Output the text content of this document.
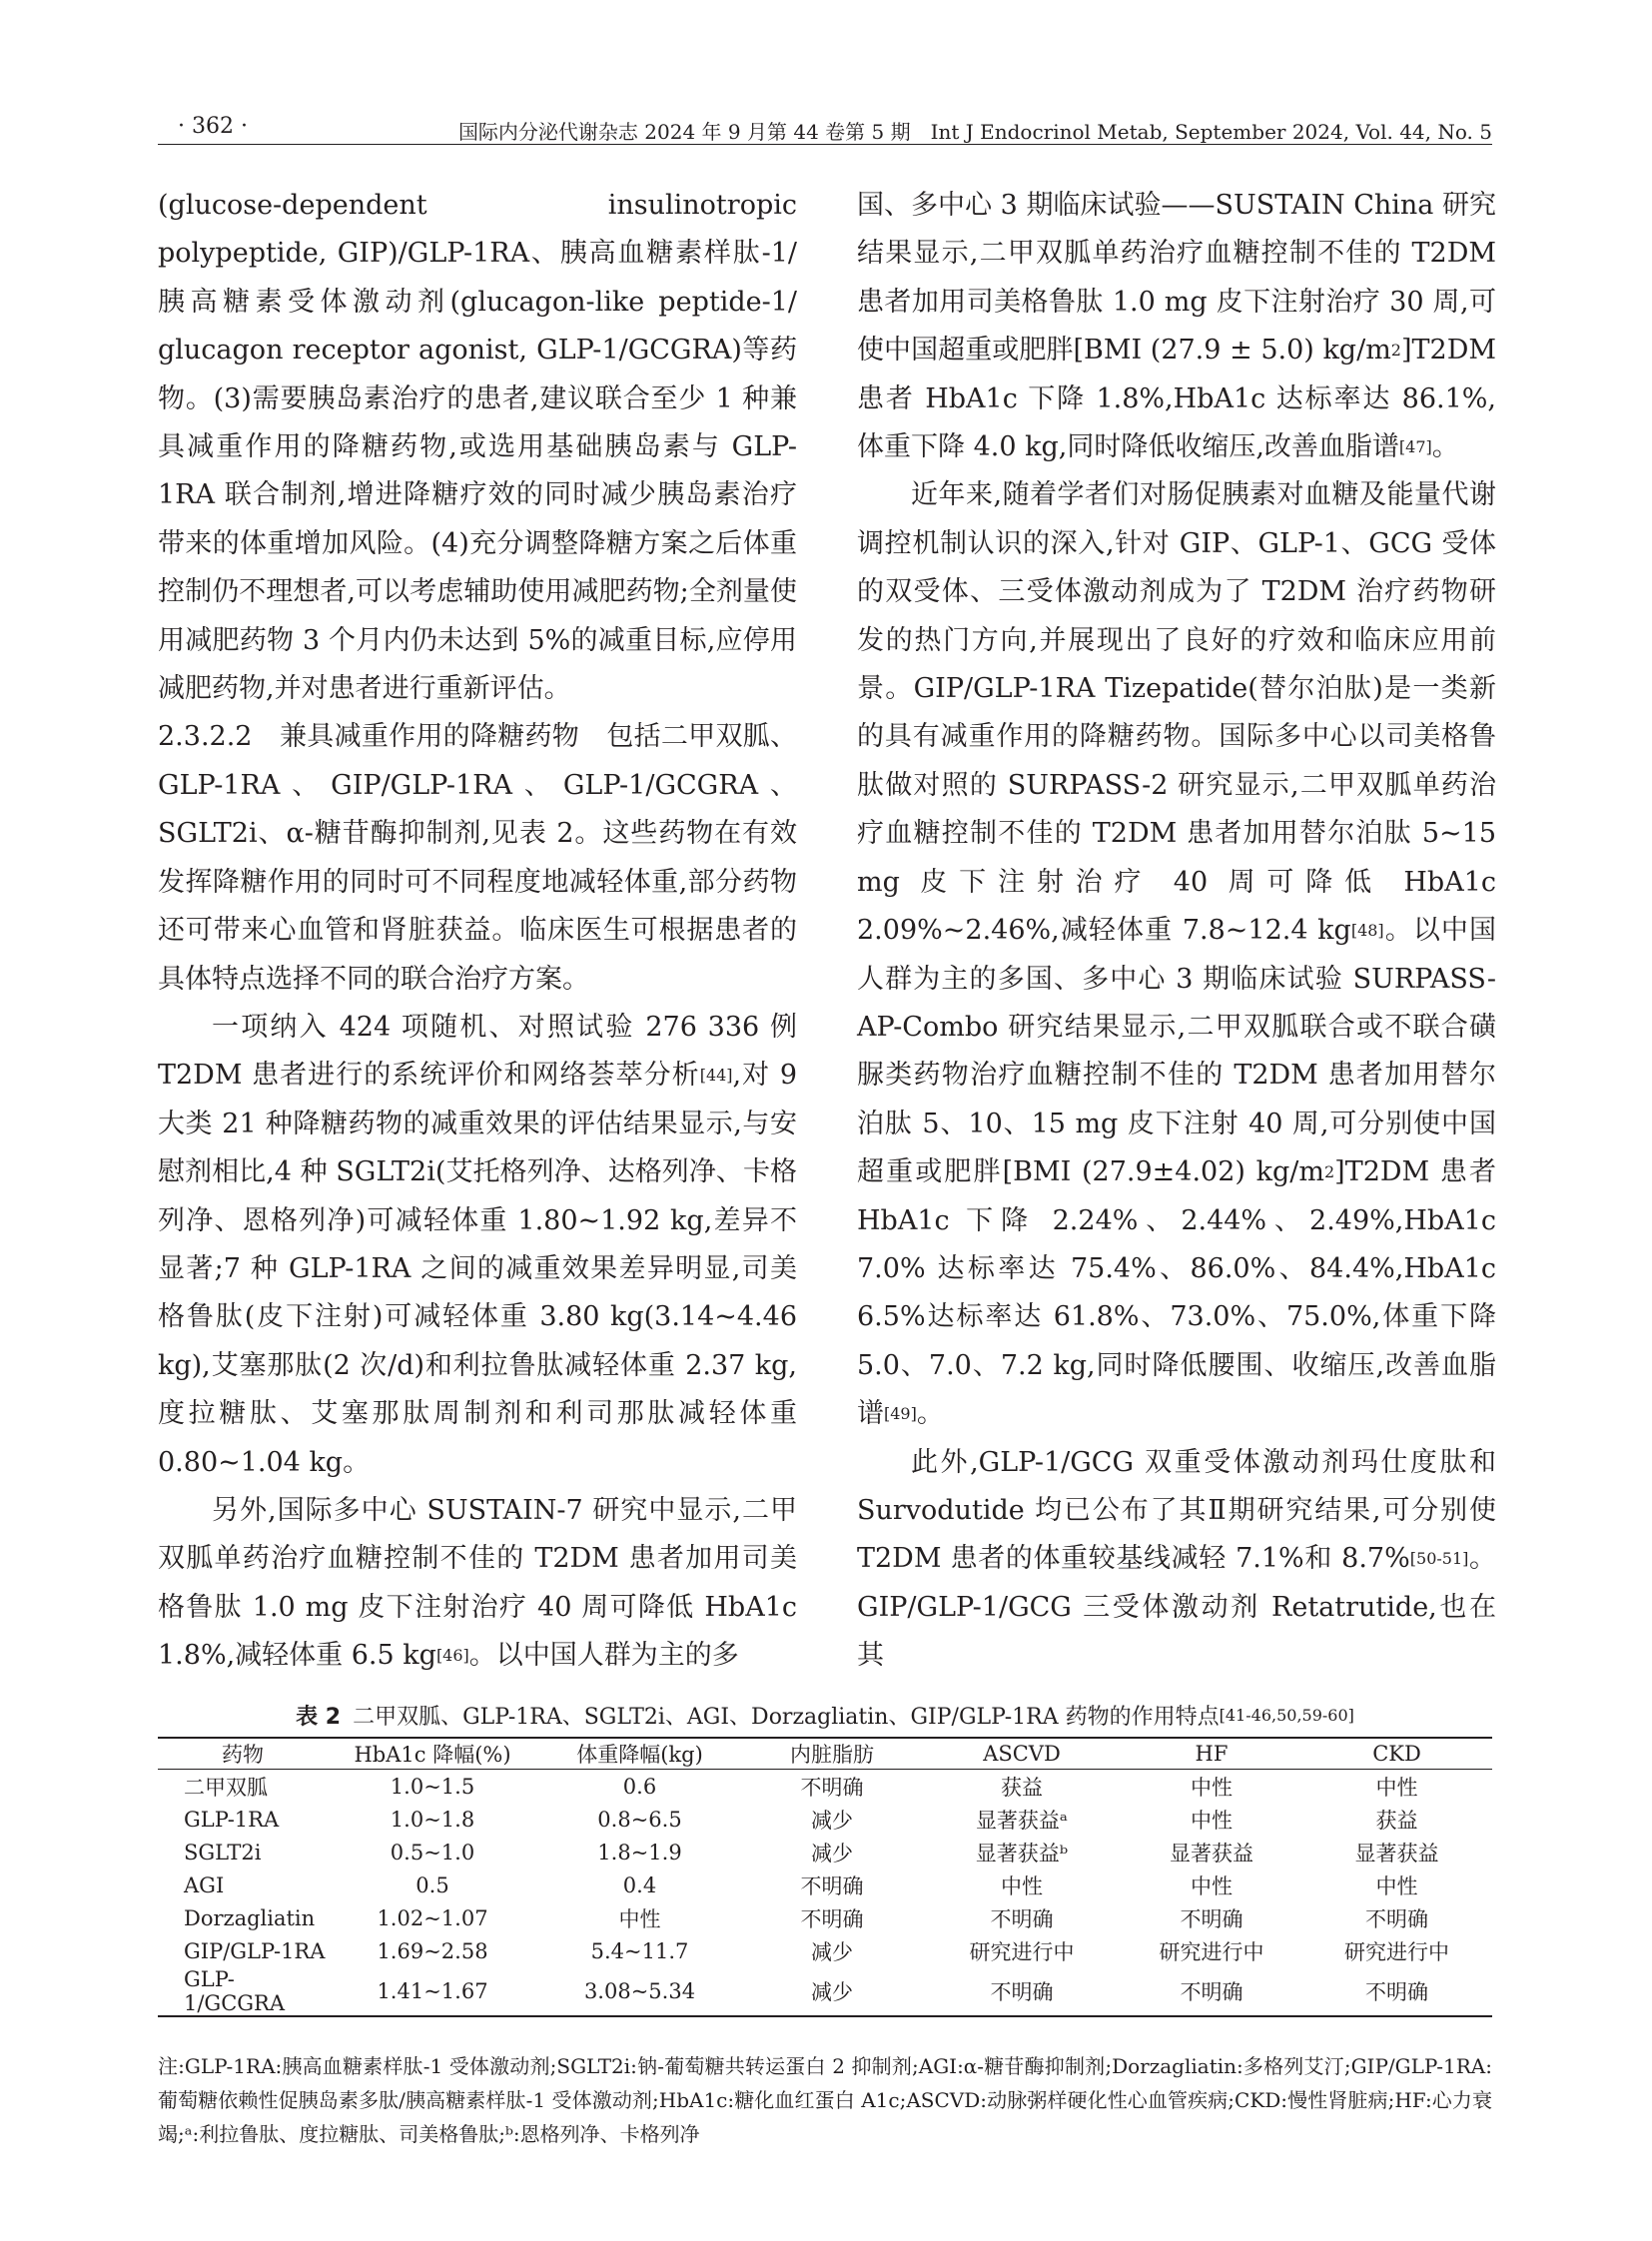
· 362 ·	国际内分泌代谢杂志 2024 年 9 月第 44 卷第 5 期　Int J Endocrinol Metab, September 2024, Vol. 44, No. 5

(glucose-dependent insulinotropic polypeptide, GIP)/GLP-1RA、胰高血糖素样肽-1/胰高糖素受体激动剂(glucagon-like peptide-1/ glucagon receptor agonist, GLP-1/GCGRA)等药物。(3)需要胰岛素治疗的患者,建议联合至少 1 种兼具减重作用的降糖药物,或选用基础胰岛素与 GLP-1RA 联合制剂,增进降糖疗效的同时减少胰岛素治疗带来的体重增加风险。(4)充分调整降糖方案之后体重控制仍不理想者,可以考虑辅助使用减肥药物;全剂量使用减肥药物 3 个月内仍未达到 5%的减重目标,应停用减肥药物,并对患者进行重新评估。

2.3.2.2　兼具减重作用的降糖药物　包括二甲双胍、GLP-1RA、GIP/GLP-1RA、GLP-1/GCGRA、SGLT2i、α-糖苷酶抑制剂,见表 2。这些药物在有效发挥降糖作用的同时可不同程度地减轻体重,部分药物还可带来心血管和肾脏获益。临床医生可根据患者的具体特点选择不同的联合治疗方案。

一项纳入 424 项随机、对照试验 276 336 例 T2DM 患者进行的系统评价和网络荟萃分析[44],对 9 大类 21 种降糖药物的减重效果的评估结果显示,与安慰剂相比,4 种 SGLT2i(艾托格列净、达格列净、卡格列净、恩格列净)可减轻体重 1.80~1.92 kg,差异不显著;7 种 GLP-1RA 之间的减重效果差异明显,司美格鲁肽(皮下注射)可减轻体重 3.80 kg(3.14~4.46 kg),艾塞那肽(2 次/d)和利拉鲁肽减轻体重 2.37 kg,度拉糖肽、艾塞那肽周制剂和利司那肽减轻体重 0.80~1.04 kg。

另外,国际多中心 SUSTAIN-7 研究中显示,二甲双胍单药治疗血糖控制不佳的 T2DM 患者加用司美格鲁肽 1.0 mg 皮下注射治疗 40 周可降低 HbA1c 1.8%,减轻体重 6.5 kg[46]。以中国人群为主的多

国、多中心 3 期临床试验——SUSTAIN China 研究结果显示,二甲双胍单药治疗血糖控制不佳的 T2DM 患者加用司美格鲁肽 1.0 mg 皮下注射治疗 30 周,可使中国超重或肥胖[BMI (27.9 ± 5.0) $kg/m^2]T2DM$ 患者 HbA1c 下降 1.8%,HbA1c 达标率达 86.1%,体重下降 4.0 kg,同时降低收缩压,改善血脂谱[47]。

近年来,随着学者们对肠促胰素对血糖及能量代谢调控机制认识的深入,针对 GIP、GLP-1、GCG 受体的双受体、三受体激动剂成为了 T2DM 治疗药物研发的热门方向,并展现出了良好的疗效和临床应用前景。GIP/GLP-1RA Tizepatide(替尔泊肽)是一类新的具有减重作用的降糖药物。国际多中心以司美格鲁肽做对照的 SURPASS-2 研究显示,二甲双胍单药治疗血糖控制不佳的 T2DM 患者加用替尔泊肽 5~15 mg 皮下注射治疗 40 周可降低 HbA1c 2.09%~2.46%,减轻体重 7.8~12.4 kg[48]。以中国人群为主的多国、多中心 3 期临床试验 SURPASS-AP-Combo 研究结果显示,二甲双胍联合或不联合磺脲类药物治疗血糖控制不佳的 T2DM 患者加用替尔泊肽 5、10、15 mg 皮下注射 40 周,可分别使中国超重或肥胖[BMI (27.9±4.02) $kg/m^2]T2DM$ 患者 HbA1c 下降 2.24%、2.44%、2.49%,HbA1c 7.0% 达标率达 75.4%、86.0%、84.4%,HbA1c 6.5%达标率达 61.8%、73.0%、75.0%,体重下降 5.0、7.0、7.2 kg,同时降低腰围、收缩压,改善血脂谱[49]。

此外,GLP-1/GCG 双重受体激动剂玛仕度肽和 Survodutide 均已公布了其Ⅱ期研究结果,可分别使 T2DM 患者的体重较基线减轻 7.1%和 8.7%[50-51]。GIP/GLP-1/GCG 三受体激动剂 Retatrutide,也在其

表 2 二甲双胍、GLP-1RA、SGLT2i、AGI、Dorzagliatin、GIP/GLP-1RA 药物的作用特点[41-46,50,59-60]
药物	HbA1c 降幅(%)	体重降幅(kg)	内脏脂肪	ASCVD	HF	CKD
二甲双胍	1.0~1.5	0.6	不明确	获益	中性	中性
GLP-1RA	1.0~1.8	0.8~6.5	减少	显著获益ᵃ	中性	获益
SGLT2i	0.5~1.0	1.8~1.9	减少	显著获益ᵇ	显著获益	显著获益
AGI	0.5	0.4	不明确	中性	中性	中性
Dorzagliatin	1.02~1.07	中性	不明确	不明确	不明确	不明确
GIP/GLP-1RA	1.69~2.58	5.4~11.7	减少	研究进行中	研究进行中	研究进行中
GLP-1/GCGRA	1.41~1.67	3.08~5.34	减少	不明确	不明确	不明确
注:GLP-1RA:胰高血糖素样肽-1 受体激动剂;SGLT2i:钠-葡萄糖共转运蛋白 2 抑制剂;AGI:α-糖苷酶抑制剂;Dorzagliatin:多格列艾汀;GIP/GLP-1RA:葡萄糖依赖性促胰岛素多肽/胰高糖素样肽-1 受体激动剂;HbA1c:糖化血红蛋白 A1c;ASCVD:动脉粥样硬化性心血管疾病;CKD:慢性肾脏病;HF:心力衰竭;ᵃ:利拉鲁肽、度拉糖肽、司美格鲁肽;ᵇ:恩格列净、卡格列净
